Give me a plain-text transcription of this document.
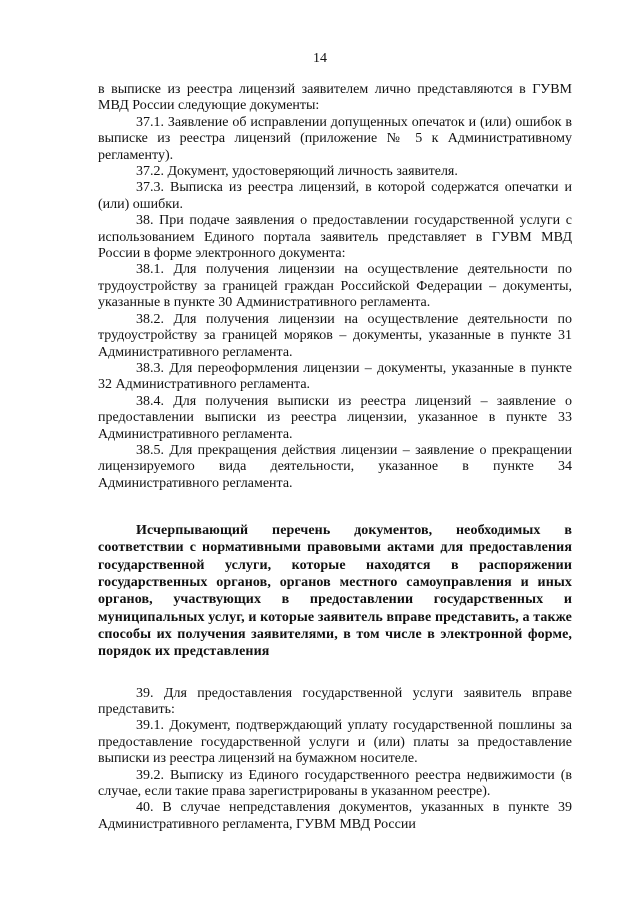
14

в выписке из реестра лицензий заявителем лично представляются в ГУВМ МВД России следующие документы:

37.1. Заявление об исправлении допущенных опечаток и (или) ошибок в выписке из реестра лицензий (приложение № 5 к Административному регламенту).

37.2. Документ, удостоверяющий личность заявителя.

37.3. Выписка из реестра лицензий, в которой содержатся опечатки и (или) ошибки.

38. При подаче заявления о предоставлении государственной услуги с использованием Единого портала заявитель представляет в ГУВМ МВД России в форме электронного документа:

38.1. Для получения лицензии на осуществление деятельности по трудоустройству за границей граждан Российской Федерации – документы, указанные в пункте 30 Административного регламента.

38.2. Для получения лицензии на осуществление деятельности по трудоустройству за границей моряков – документы, указанные в пункте 31 Административного регламента.

38.3. Для переоформления лицензии – документы, указанные в пункте 32 Административного регламента.

38.4. Для получения выписки из реестра лицензий – заявление о предоставлении выписки из реестра лицензии, указанное в пункте 33 Административного регламента.

38.5. Для прекращения действия лицензии – заявление о прекращении лицензируемого вида деятельности, указанное в пункте 34 Административного регламента.

Исчерпывающий перечень документов, необходимых в соответствии с нормативными правовыми актами для предоставления государственной услуги, которые находятся в распоряжении государственных органов, органов местного самоуправления и иных органов, участвующих в предоставлении государственных и муниципальных услуг, и которые заявитель вправе представить, а также способы их получения заявителями, в том числе в электронной форме, порядок их представления

39. Для предоставления государственной услуги заявитель вправе представить:

39.1. Документ, подтверждающий уплату государственной пошлины за предоставление государственной услуги и (или) платы за предоставление выписки из реестра лицензий на бумажном носителе.

39.2. Выписку из Единого государственного реестра недвижимости (в случае, если такие права зарегистрированы в указанном реестре).

40. В случае непредставления документов, указанных в пункте 39 Административного регламента, ГУВМ МВД России
